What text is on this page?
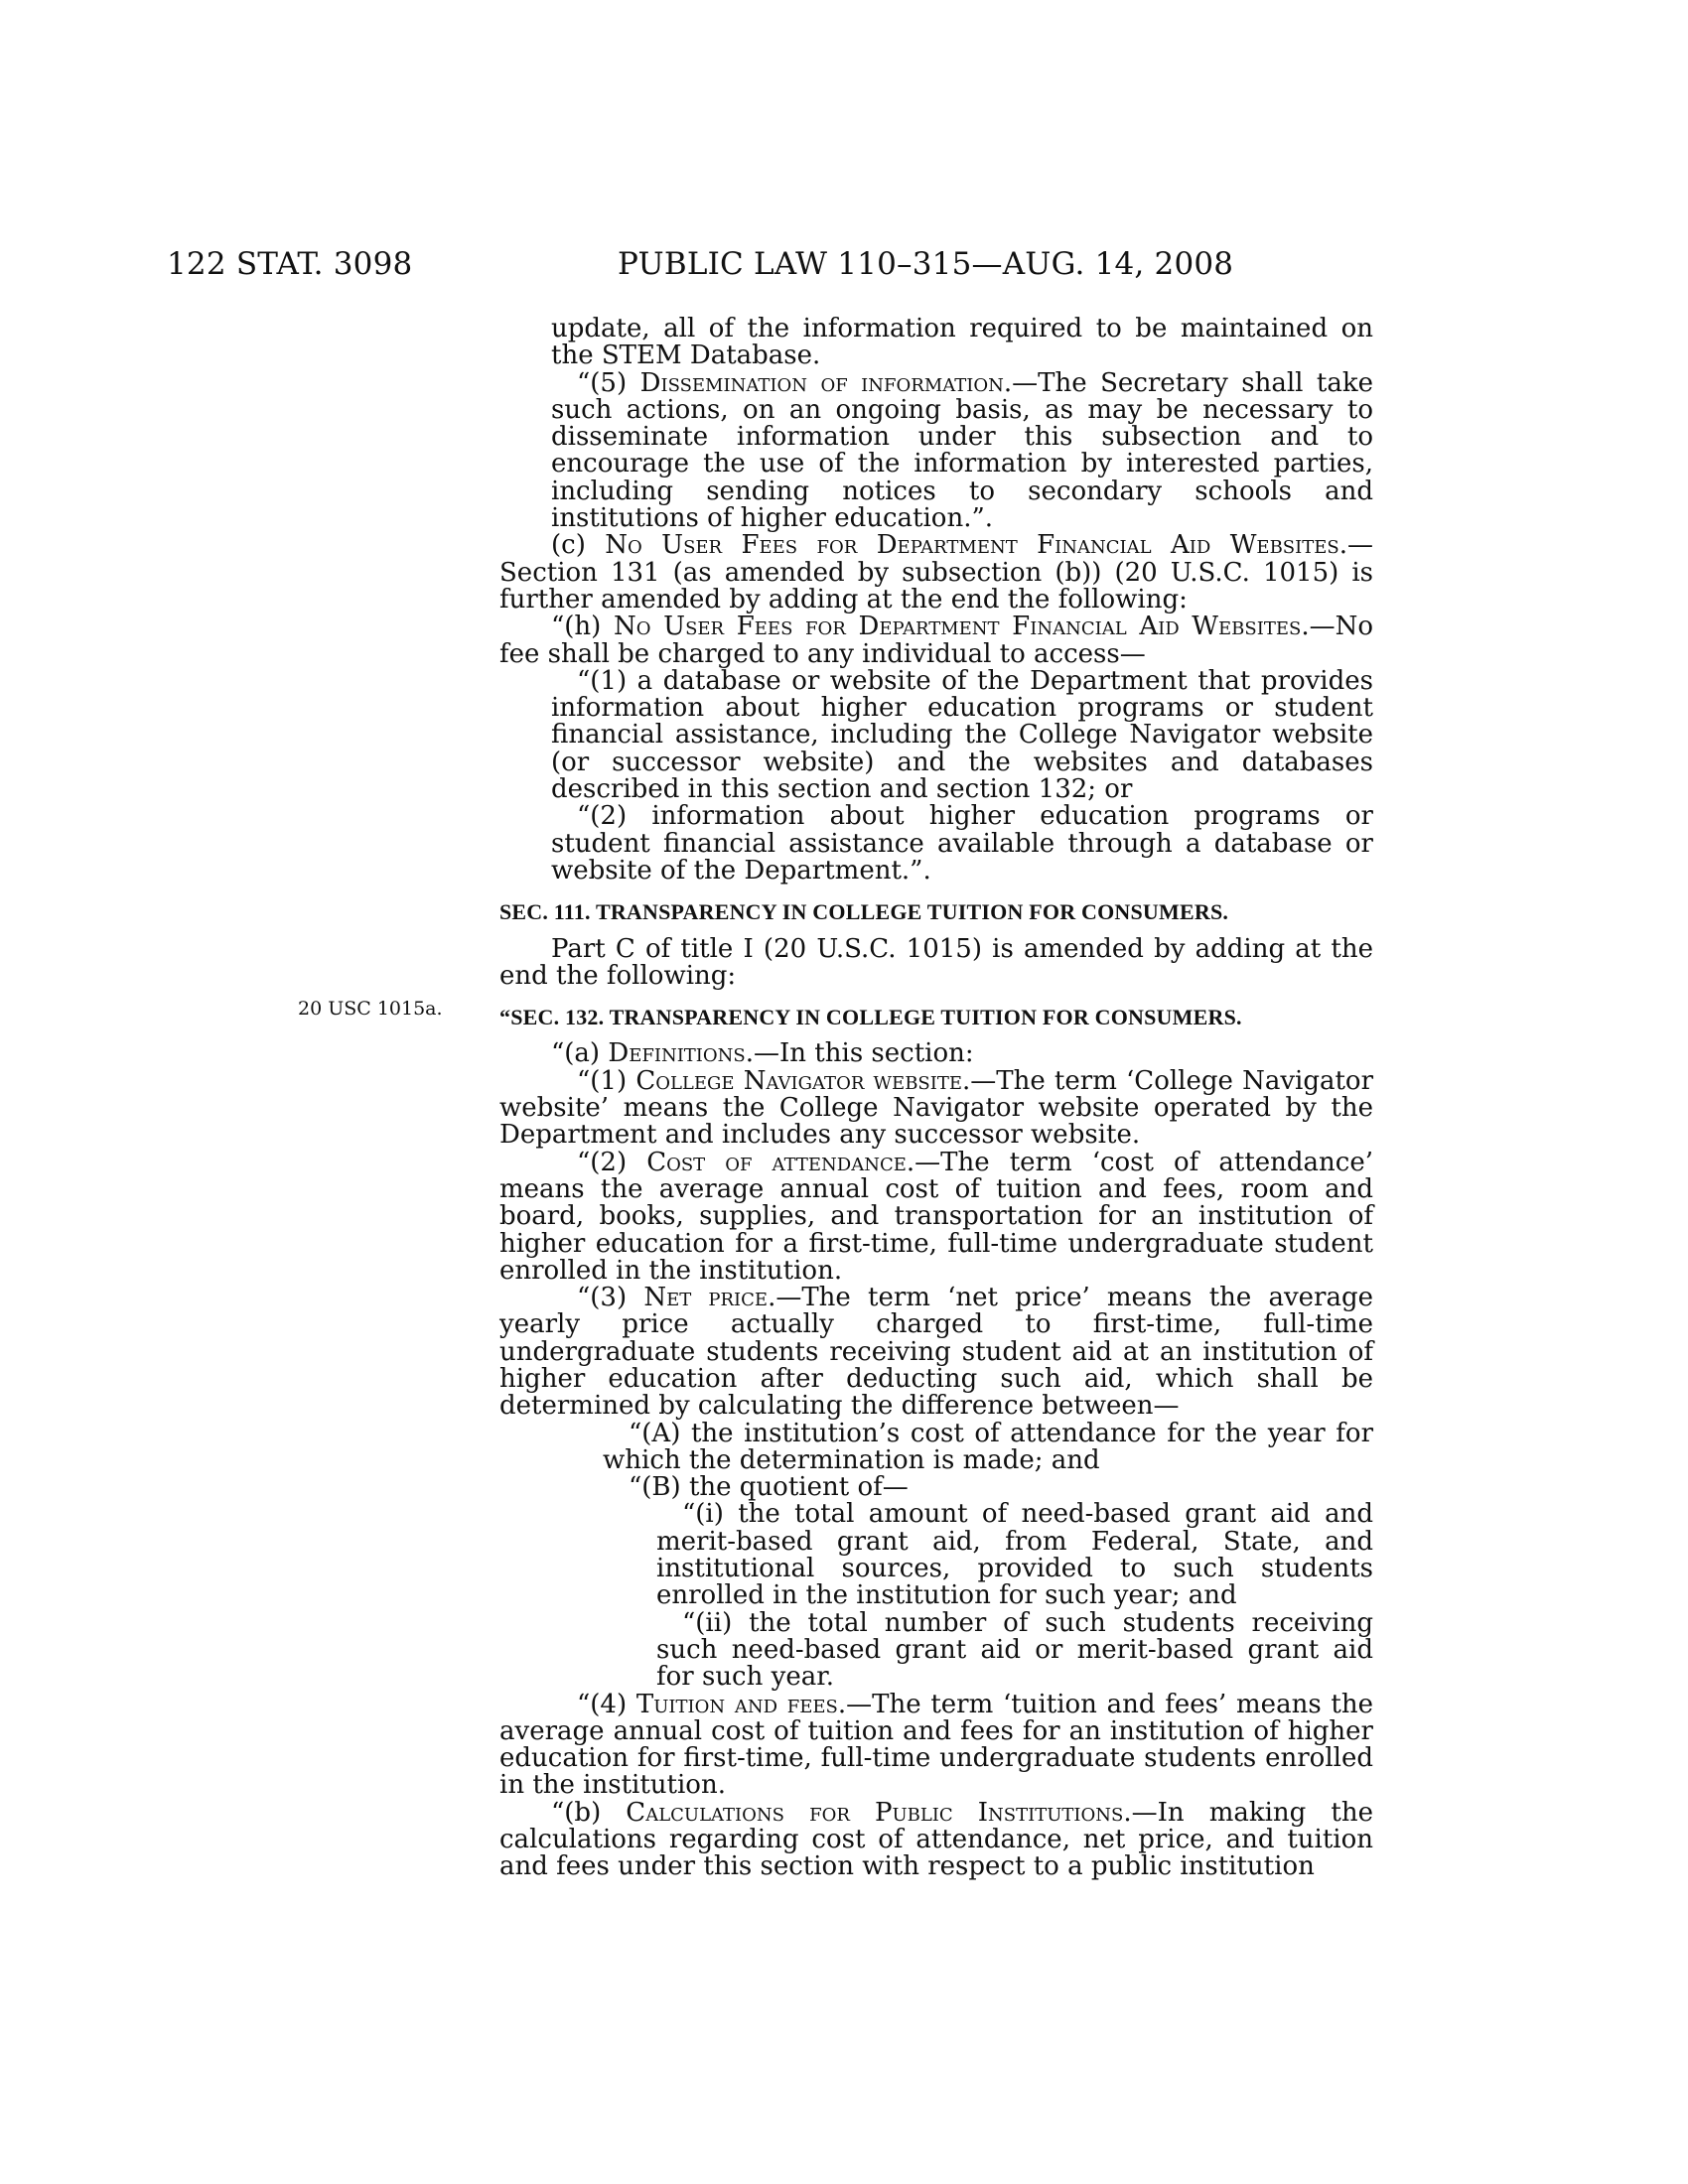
122 STAT. 3098	PUBLIC LAW 110–315—AUG. 14, 2008
20 USC 1015a.

update, all of the information required to be maintained on the STEM Database.

“(5) Dissemination of information.—The Secretary shall take such actions, on an ongoing basis, as may be necessary to disseminate information under this subsection and to encourage the use of the information by interested parties, including sending notices to secondary schools and institutions of higher education.”.

(c) No User Fees for Department Financial Aid Websites.— Section 131 (as amended by subsection (b)) (20 U.S.C. 1015) is further amended by adding at the end the following:

“(h) No User Fees for Department Financial Aid Websites.—No fee shall be charged to any individual to access—

“(1) a database or website of the Department that provides information about higher education programs or student financial assistance, including the College Navigator website (or successor website) and the websites and databases described in this section and section 132; or

“(2) information about higher education programs or student financial assistance available through a database or website of the Department.”.

SEC. 111. TRANSPARENCY IN COLLEGE TUITION FOR CONSUMERS.

Part C of title I (20 U.S.C. 1015) is amended by adding at the end the following:

“SEC. 132. TRANSPARENCY IN COLLEGE TUITION FOR CONSUMERS.

“(a) Definitions.—In this section:

“(1) College Navigator website.—The term ‘College Navigator website’ means the College Navigator website operated by the Department and includes any successor website.

“(2) Cost of attendance.—The term ‘cost of attendance’ means the average annual cost of tuition and fees, room and board, books, supplies, and transportation for an institution of higher education for a first-time, full-time undergraduate student enrolled in the institution.

“(3) Net price.—The term ‘net price’ means the average yearly price actually charged to first-time, full-time undergraduate students receiving student aid at an institution of higher education after deducting such aid, which shall be determined by calculating the difference between—

“(A) the institution’s cost of attendance for the year for which the determination is made; and

“(B) the quotient of—

“(i) the total amount of need-based grant aid and merit-based grant aid, from Federal, State, and institutional sources, provided to such students enrolled in the institution for such year; and

“(ii) the total number of such students receiving such need-based grant aid or merit-based grant aid for such year.

“(4) Tuition and fees.—The term ‘tuition and fees’ means the average annual cost of tuition and fees for an institution of higher education for first-time, full-time undergraduate students enrolled in the institution.

“(b) Calculations for Public Institutions.—In making the calculations regarding cost of attendance, net price, and tuition and fees under this section with respect to a public institution
